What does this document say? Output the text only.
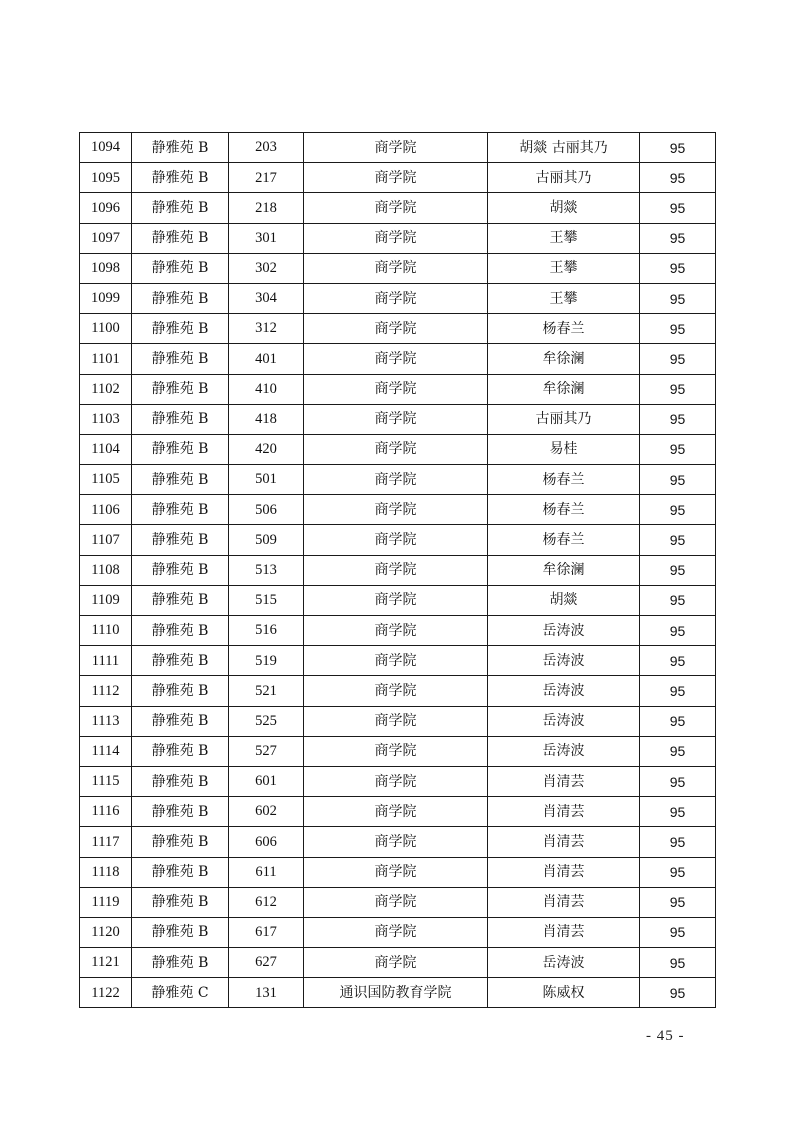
1094	静雅苑 B	203	商学院	胡燚 古丽其乃	95
1095	静雅苑 B	217	商学院	古丽其乃	95
1096	静雅苑 B	218	商学院	胡燚	95
1097	静雅苑 B	301	商学院	王攀	95
1098	静雅苑 B	302	商学院	王攀	95
1099	静雅苑 B	304	商学院	王攀	95
1100	静雅苑 B	312	商学院	杨春兰	95
1101	静雅苑 B	401	商学院	牟徐澜	95
1102	静雅苑 B	410	商学院	牟徐澜	95
1103	静雅苑 B	418	商学院	古丽其乃	95
1104	静雅苑 B	420	商学院	易桂	95
1105	静雅苑 B	501	商学院	杨春兰	95
1106	静雅苑 B	506	商学院	杨春兰	95
1107	静雅苑 B	509	商学院	杨春兰	95
1108	静雅苑 B	513	商学院	牟徐澜	95
1109	静雅苑 B	515	商学院	胡燚	95
1110	静雅苑 B	516	商学院	岳涛波	95
1111	静雅苑 B	519	商学院	岳涛波	95
1112	静雅苑 B	521	商学院	岳涛波	95
1113	静雅苑 B	525	商学院	岳涛波	95
1114	静雅苑 B	527	商学院	岳涛波	95
1115	静雅苑 B	601	商学院	肖清芸	95
1116	静雅苑 B	602	商学院	肖清芸	95
1117	静雅苑 B	606	商学院	肖清芸	95
1118	静雅苑 B	611	商学院	肖清芸	95
1119	静雅苑 B	612	商学院	肖清芸	95
1120	静雅苑 B	617	商学院	肖清芸	95
1121	静雅苑 B	627	商学院	岳涛波	95
1122	静雅苑 C	131	通识国防教育学院	陈威权	95
- 45 -
